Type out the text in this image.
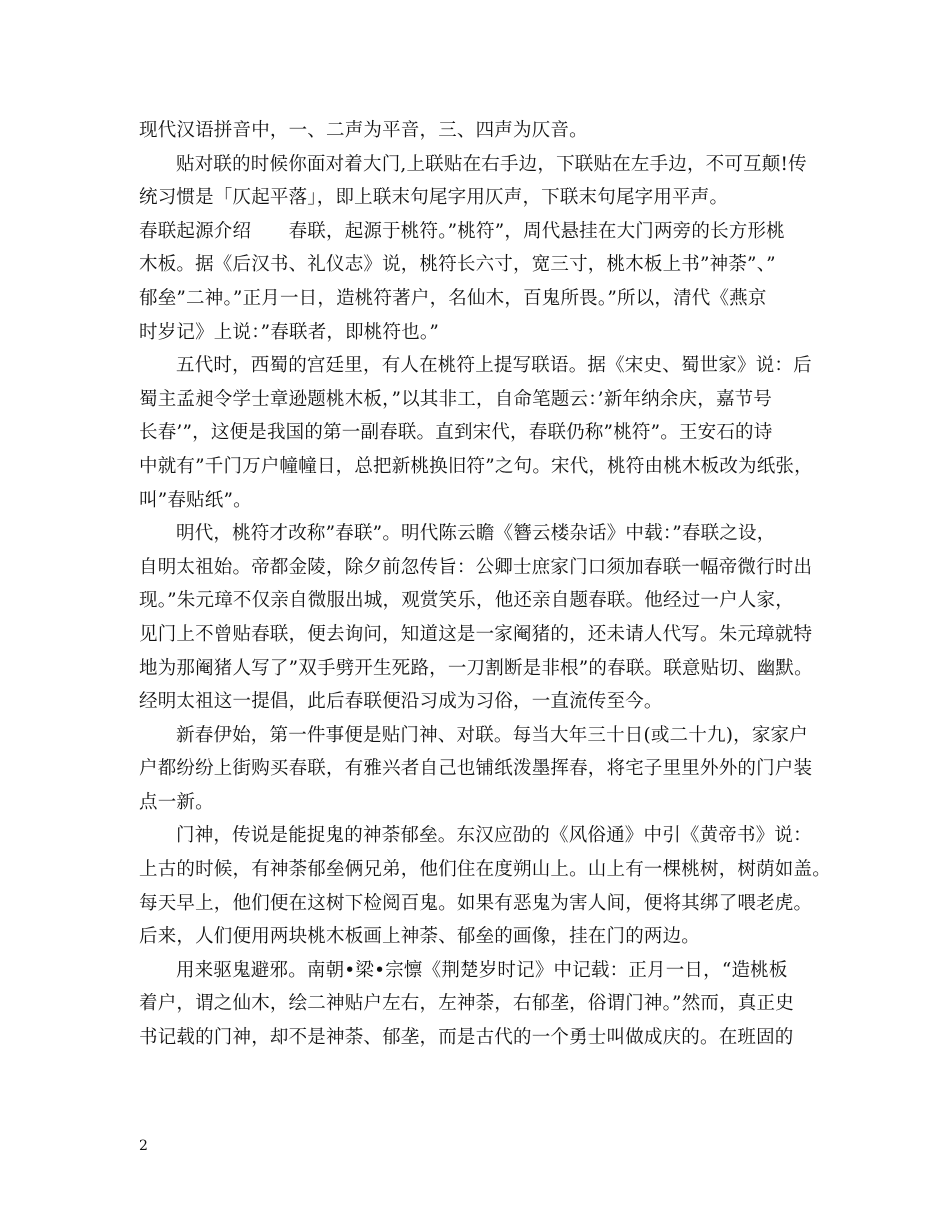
现代汉语拼音中，一、二声为平音，三、四声为仄音。
贴对联的时候你面对着大门,上联贴在右手边，下联贴在左手边，不可互颠!传
统习惯是「仄起平落」，即上联末句尾字用仄声，下联末句尾字用平声。
春联起源介绍　　春联，起源于桃符。”桃符”，周代悬挂在大门两旁的长方形桃
木板。据《后汉书、礼仪志》说，桃符长六寸，宽三寸，桃木板上书”神荼”、”
郁垒”二神。”正月一日，造桃符著户，名仙木，百鬼所畏。”所以，清代《燕京
时岁记》上说：”春联者，即桃符也。”
五代时，西蜀的宫廷里，有人在桃符上提写联语。据《宋史、蜀世家》说：后
蜀主孟昶令学士章逊题桃木板，”以其非工，自命笔题云：’新年纳余庆，嘉节号
长春’”，这便是我国的第一副春联。直到宋代，春联仍称”桃符”。王安石的诗
中就有”千门万户幢幢日，总把新桃换旧符”之句。宋代，桃符由桃木板改为纸张，
叫”春贴纸”。
明代，桃符才改称”春联”。明代陈云瞻《簪云楼杂话》中载：”春联之设，
自明太祖始。帝都金陵，除夕前忽传旨：公卿士庶家门口须加春联一幅帝微行时出
现。”朱元璋不仅亲自微服出城，观赏笑乐，他还亲自题春联。他经过一户人家，
见门上不曾贴春联，便去询问，知道这是一家阉猪的，还未请人代写。朱元璋就特
地为那阉猪人写了”双手劈开生死路，一刀割断是非根”的春联。联意贴切、幽默。
经明太祖这一提倡，此后春联便沿习成为习俗，一直流传至今。
新春伊始，第一件事便是贴门神、对联。每当大年三十日(或二十九)，家家户
户都纷纷上街购买春联，有雅兴者自己也铺纸泼墨挥春，将宅子里里外外的门户装
点一新。
门神，传说是能捉鬼的神荼郁垒。东汉应劭的《风俗通》中引《黄帝书》说：
上古的时候，有神荼郁垒俩兄弟，他们住在度朔山上。山上有一棵桃树，树荫如盖。
每天早上，他们便在这树下检阅百鬼。如果有恶鬼为害人间，便将其绑了喂老虎。
后来，人们便用两块桃木板画上神荼、郁垒的画像，挂在门的两边。
用来驱鬼避邪。南朝•梁•宗懔《荆楚岁时记》中记载：正月一日，“造桃板
着户，谓之仙木，绘二神贴户左右，左神荼，右郁垄，俗谓门神。”然而，真正史
书记载的门神，却不是神荼、郁垄，而是古代的一个勇士叫做成庆的。在班固的
2
